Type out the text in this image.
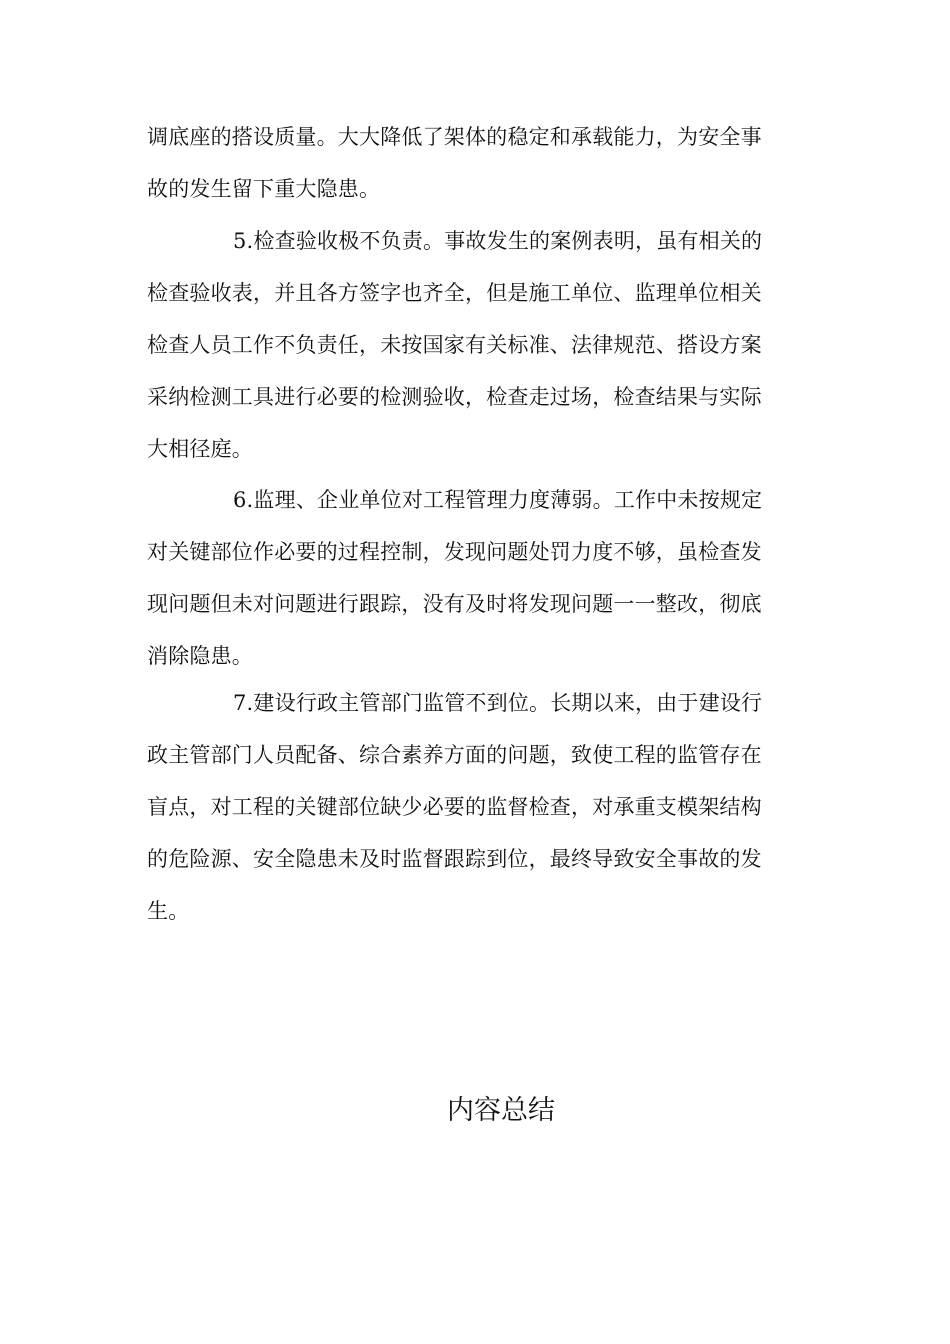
调底座的搭设质量。大大降低了架体的稳定和承载能力，为安全事
故的发生留下重大隐患。
5.检查验收极不负责。事故发生的案例表明，虽有相关的
检查验收表，并且各方签字也齐全，但是施工单位、监理单位相关
检查人员工作不负责任，未按国家有关标准、法律规范、搭设方案
采纳检测工具进行必要的检测验收，检查走过场，检查结果与实际
大相径庭。
6.监理、企业单位对工程管理力度薄弱。工作中未按规定
对关键部位作必要的过程控制，发现问题处罚力度不够，虽检查发
现问题但未对问题进行跟踪，没有及时将发现问题一一整改，彻底
消除隐患。
7.建设行政主管部门监管不到位。长期以来，由于建设行
政主管部门人员配备、综合素养方面的问题，致使工程的监管存在
盲点，对工程的关键部位缺少必要的监督检查，对承重支模架结构
的危险源、安全隐患未及时监督跟踪到位，最终导致安全事故的发
生。
内容总结
